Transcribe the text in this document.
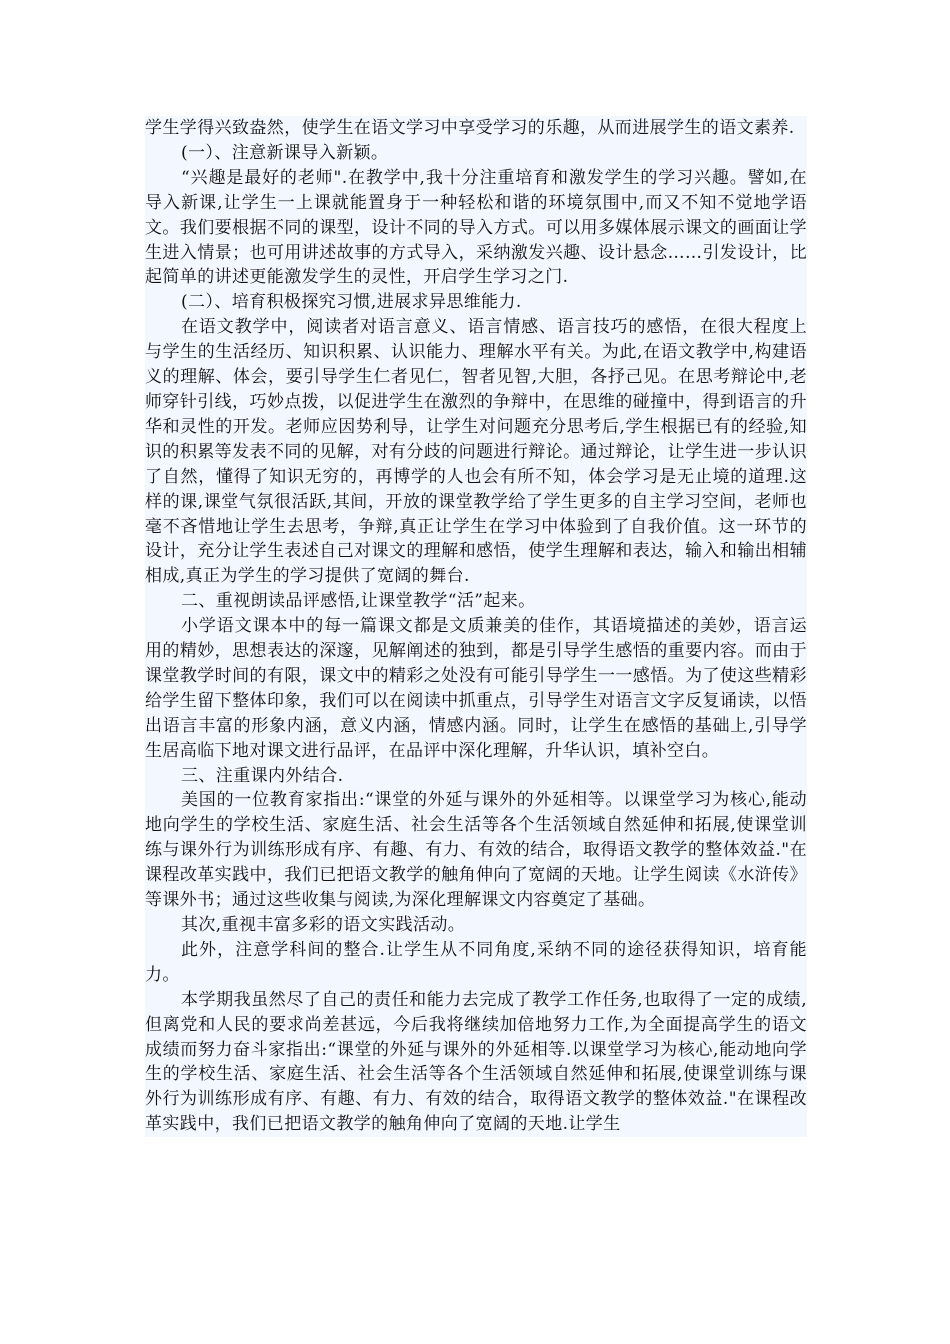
学生学得兴致盎然，使学生在语文学习中享受学习的乐趣，从而进展学生的语文素养.

(一）、注意新课导入新颖。

“兴趣是最好的老师".在教学中,我十分注重培育和激发学生的学习兴趣。譬如,在导入新课,让学生一上课就能置身于一种轻松和谐的环境氛围中,而又不知不觉地学语文。我们要根据不同的课型，设计不同的导入方式。可以用多媒体展示课文的画面让学生进入情景；也可用讲述故事的方式导入，采纳激发兴趣、设计悬念……引发设计，比起简单的讲述更能激发学生的灵性，开启学生学习之门.

(二）、培育积极探究习惯,进展求异思维能力.

在语文教学中，阅读者对语言意义、语言情感、语言技巧的感悟，在很大程度上与学生的生活经历、知识积累、认识能力、理解水平有关。为此,在语文教学中,构建语义的理解、体会，要引导学生仁者见仁，智者见智,大胆，各抒己见。在思考辩论中,老师穿针引线，巧妙点拨，以促进学生在激烈的争辩中，在思维的碰撞中，得到语言的升华和灵性的开发。老师应因势利导，让学生对问题充分思考后,学生根据已有的经验,知识的积累等发表不同的见解，对有分歧的问题进行辩论。通过辩论，让学生进一步认识了自然，懂得了知识无穷的，再博学的人也会有所不知，体会学习是无止境的道理.这样的课,课堂气氛很活跃,其间，开放的课堂教学给了学生更多的自主学习空间，老师也毫不吝惜地让学生去思考，争辩,真正让学生在学习中体验到了自我价值。这一环节的设计，充分让学生表述自己对课文的理解和感悟，使学生理解和表达，输入和输出相辅相成,真正为学生的学习提供了宽阔的舞台.

二、重视朗读品评感悟,让课堂教学“活”起来。

小学语文课本中的每一篇课文都是文质兼美的佳作，其语境描述的美妙，语言运用的精妙，思想表达的深邃，见解阐述的独到，都是引导学生感悟的重要内容。而由于课堂教学时间的有限，课文中的精彩之处没有可能引导学生一一感悟。为了使这些精彩给学生留下整体印象，我们可以在阅读中抓重点，引导学生对语言文字反复诵读，以悟出语言丰富的形象内涵，意义内涵，情感内涵。同时，让学生在感悟的基础上,引导学生居高临下地对课文进行品评，在品评中深化理解，升华认识，填补空白。

三、注重课内外结合.

美国的一位教育家指出:“课堂的外延与课外的外延相等。以课堂学习为核心,能动地向学生的学校生活、家庭生活、社会生活等各个生活领域自然延伸和拓展,使课堂训练与课外行为训练形成有序、有趣、有力、有效的结合，取得语文教学的整体效益."在课程改革实践中，我们已把语文教学的触角伸向了宽阔的天地。让学生阅读《水浒传》等课外书；通过这些收集与阅读,为深化理解课文内容奠定了基础。

其次,重视丰富多彩的语文实践活动。

此外，注意学科间的整合.让学生从不同角度,采纳不同的途径获得知识，培育能力。

本学期我虽然尽了自己的责任和能力去完成了教学工作任务,也取得了一定的成绩,但离党和人民的要求尚差甚远，今后我将继续加倍地努力工作,为全面提高学生的语文成绩而努力奋斗家指出:“课堂的外延与课外的外延相等.以课堂学习为核心,能动地向学生的学校生活、家庭生活、社会生活等各个生活领域自然延伸和拓展,使课堂训练与课外行为训练形成有序、有趣、有力、有效的结合，取得语文教学的整体效益."在课程改革实践中，我们已把语文教学的触角伸向了宽阔的天地.让学生
